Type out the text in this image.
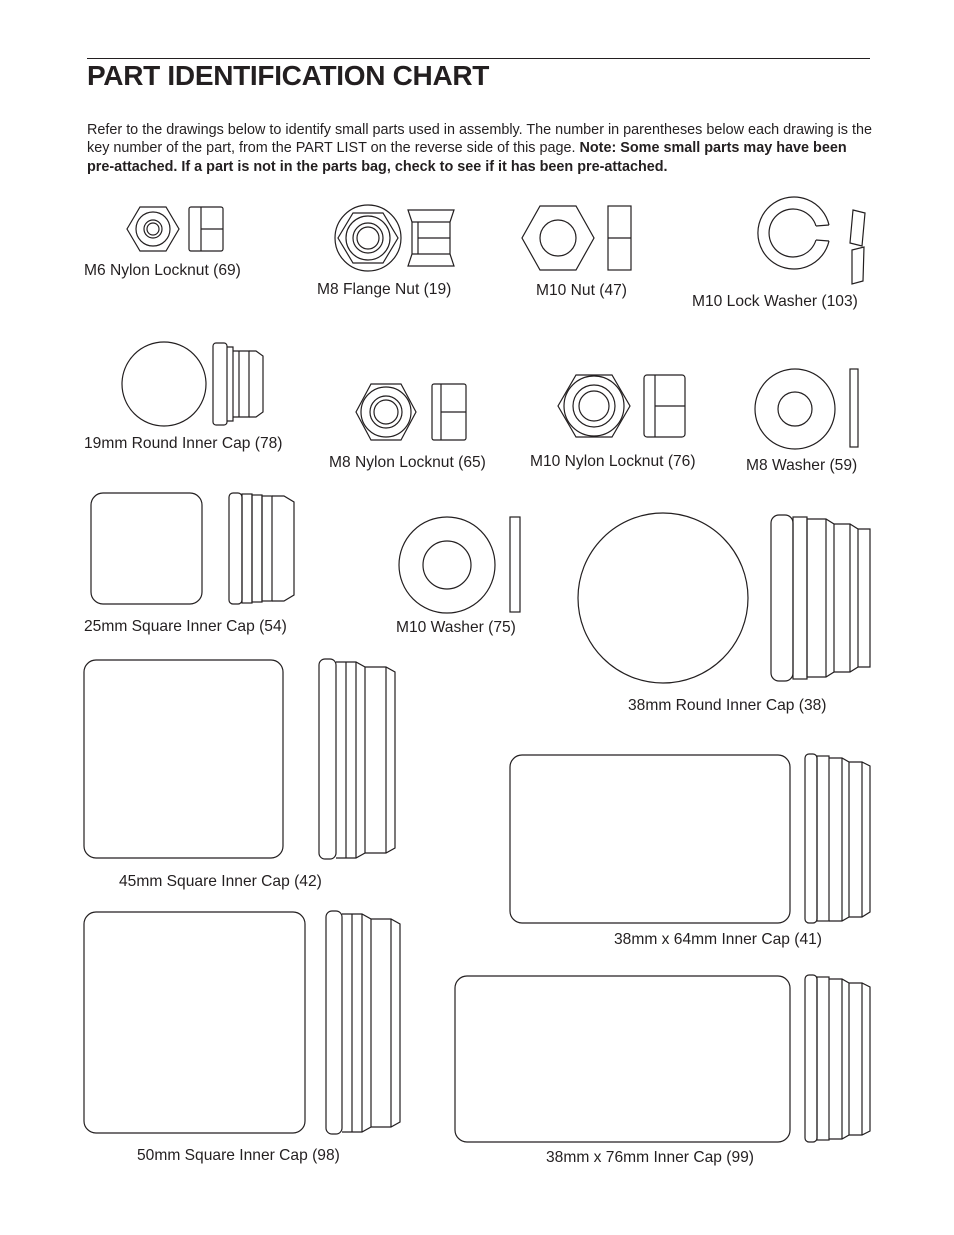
PART IDENTIFICATION CHART
Refer to the drawings below to identify small parts used in assembly. The number in parentheses below each drawing is the key number of the part, from the PART LIST on the reverse side of this page. Note: Some small parts may have been pre-attached. If a part is not in the parts bag, check to see if it has been pre-attached.
M6 Nylon Locknut (69)
M8 Flange Nut (19)	M10 Nut (47)
M10 Lock Washer (103)
19mm Round Inner Cap (78)
M8 Nylon Locknut (65)	M10 Nylon Locknut (76)	M8 Washer (59)
25mm Square Inner Cap (54)	M10 Washer (75)
38mm Round Inner Cap (38)
45mm Square Inner Cap (42)
38mm x 64mm Inner Cap (41)
50mm Square Inner Cap (98)	38mm x 76mm Inner Cap (99)
